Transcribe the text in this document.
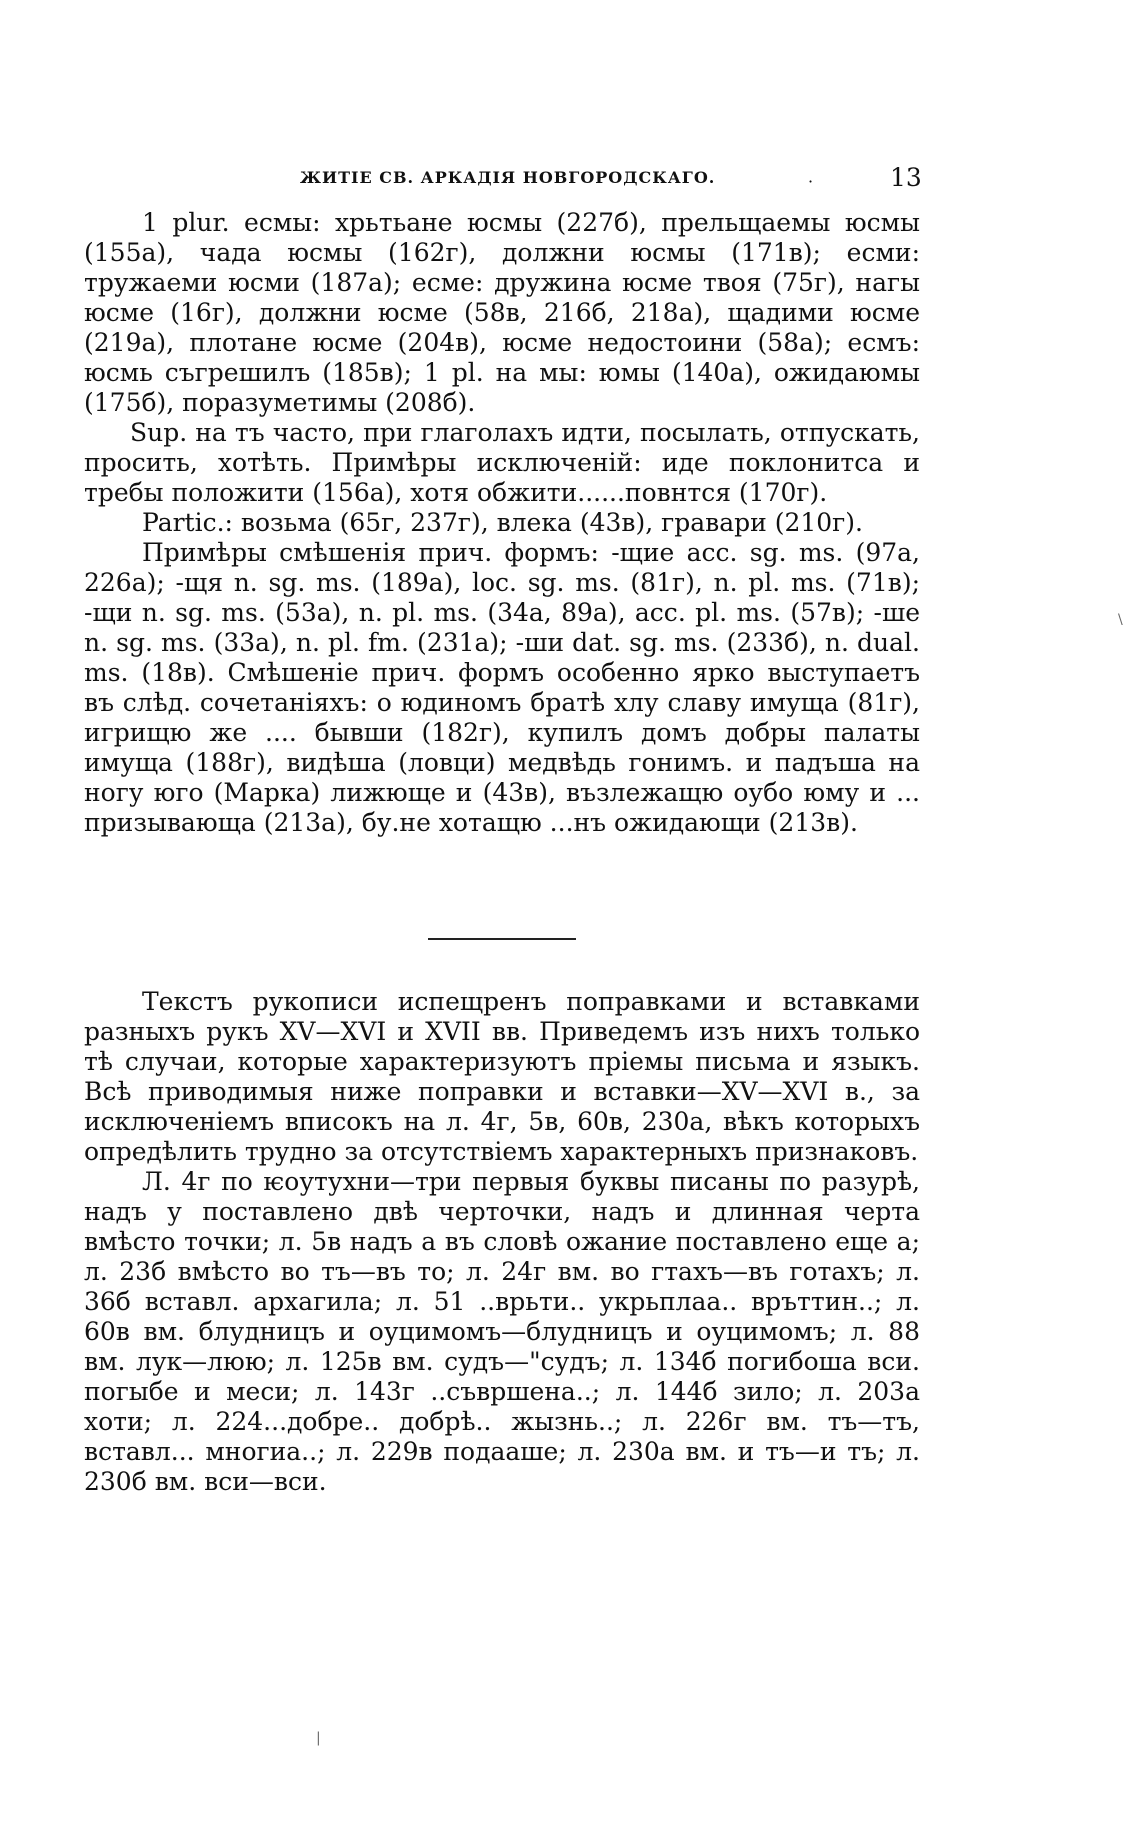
ЖИТІЕ СВ. АРКАДІЯ НОВГОРОДСКАГО.	·	13

1 plur. есмы: хрьтьане юсмы (227б), прельщаемы юсмы (155а), чада юсмы (162г), должни юсмы (171в); есми: тружаеми юсми (187а); есме: дружина юсме твоя (75г), нагы юсме (16г), должни юсме (58в, 216б, 218а), щадими юсме (219а), плотане юсме (204в), юсме недостоини (58а); есмъ: юсмь съгрешилъ (185в); 1 pl. на мы: юмы (140а), ожидаюмы (175б), поразуметимы (208б).

Sup. на тъ часто, при глаголахъ идти, посылать, отпускать, просить, хотѣть. Примѣры исключеній: иде поклонитса и требы положити (156а), хотя обжити......повнтся (170г).

Partic.: возьма (65г, 237г), влека (43в), гравари (210г).

Примѣры смѣшенія прич. формъ: -щие acc. sg. ms. (97а, 226а); -щя n. sg. ms. (189а), loc. sg. ms. (81г), n. pl. ms. (71в); -щи n. sg. ms. (53а), n. pl. ms. (34а, 89а), acc. pl. ms. (57в); -ше n. sg. ms. (33а), n. pl. fm. (231а); -ши dat. sg. ms. (233б), n. dual. ms. (18в). Смѣшеніе прич. формъ особенно ярко выступаетъ въ слѣд. сочетаніяхъ: о юдиномъ братѣ хлу славу имуща (81г), игрищю же .... бывши (182г), купилъ домъ добры палаты имуща (188г), видѣша (ловци) медвѣдь гонимъ. и падъша на ногу юго (Марка) лижюще и (43в), възлежащю оубо юму и ... призывающа (213а), бу.не хотащю ...нъ ожидающи (213в).

Текстъ рукописи испещренъ поправками и вставками разныхъ рукъ XV—XVI и XVII вв. Приведемъ изъ нихъ только тѣ случаи, которые характеризуютъ пріемы письма и языкъ. Всѣ приводимыя ниже поправки и вставки—XV—XVI в., за исключеніемъ вписокъ на л. 4г, 5в, 60в, 230а, вѣкъ которыхъ опредѣлить трудно за отсутствіемъ характерныхъ признаковъ.

Л. 4г по ѥоутухни—три первыя буквы писаны по разурѣ, надъ у поставлено двѣ черточки, надъ и длинная черта вмѣсто точки; л. 5в надъ а въ словѣ ожание поставлено еще а; л. 23б вмѣсто во тъ—въ то; л. 24г вм. во гтахъ—въ готахъ; л. 36б вставл. архагила; л. 51 ..врьти.. укрьплаа.. връттин..; л. 60в вм. блудницъ и оуцимомъ—блудницъ и оуцимомъ; л. 88 вм. лук—люю; л. 125в вм. судъ—"судъ; л. 134б погибоша вси. погыбе и меси; л. 143г ..съвршена..; л. 144б зило; л. 203а хоти; л. 224...добре.. добрѣ.. жызнь..; л. 226г вм. тъ—тъ, вставл... многиа..; л. 229в подааше; л. 230а вм. и тъ—и тъ; л. 230б вм. вси—вси.

\
|
